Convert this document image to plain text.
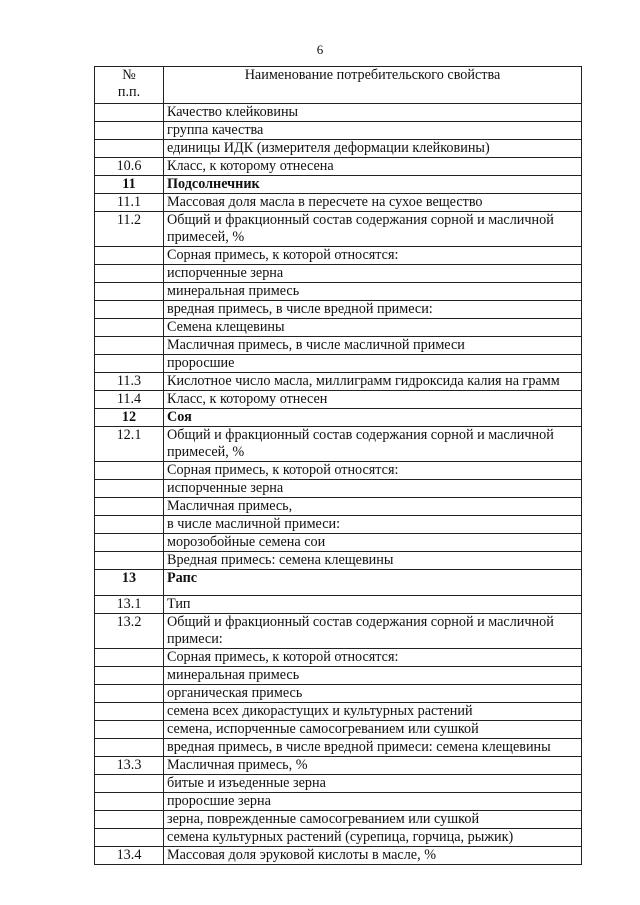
6
№
п.п.	Наименование потребительского свойства
	Качество клейковины
	группа качества
	единицы ИДК (измерителя деформации клейковины)
10.6	Класс, к которому отнесена
11	Подсолнечник
11.1	Массовая доля масла в пересчете на сухое вещество
11.2	Общий и фракционный состав содержания сорной и масличной примесей, %
	Сорная примесь, к которой относятся:
	испорченные зерна
	минеральная примесь
	вредная примесь, в числе вредной примеси:
	Семена клещевины
	Масличная примесь, в числе масличной примеси
	проросшие
11.3	Кислотное число масла, миллиграмм гидроксида калия на грамм
11.4	Класс, к которому отнесен
12	Соя
12.1	Общий и фракционный состав содержания сорной и масличной примесей, %
	Сорная примесь, к которой относятся:
	испорченные зерна
	Масличная примесь,
	в числе масличной примеси:
	морозобойные семена сои
	Вредная примесь: семена клещевины
13	Рапс
13.1	Тип
13.2	Общий и фракционный состав содержания сорной и масличной примеси:
	Сорная примесь, к которой относятся:
	минеральная примесь
	органическая примесь
	семена всех дикорастущих и культурных растений
	семена, испорченные самосогреванием или сушкой
	вредная примесь, в числе вредной примеси: семена клещевины
13.3	Масличная примесь, %
	битые и изъеденные зерна
	проросшие зерна
	зерна, поврежденные самосогреванием или сушкой
	семена культурных растений (сурепица, горчица, рыжик)
13.4	Массовая доля эруковой кислоты в масле, %
